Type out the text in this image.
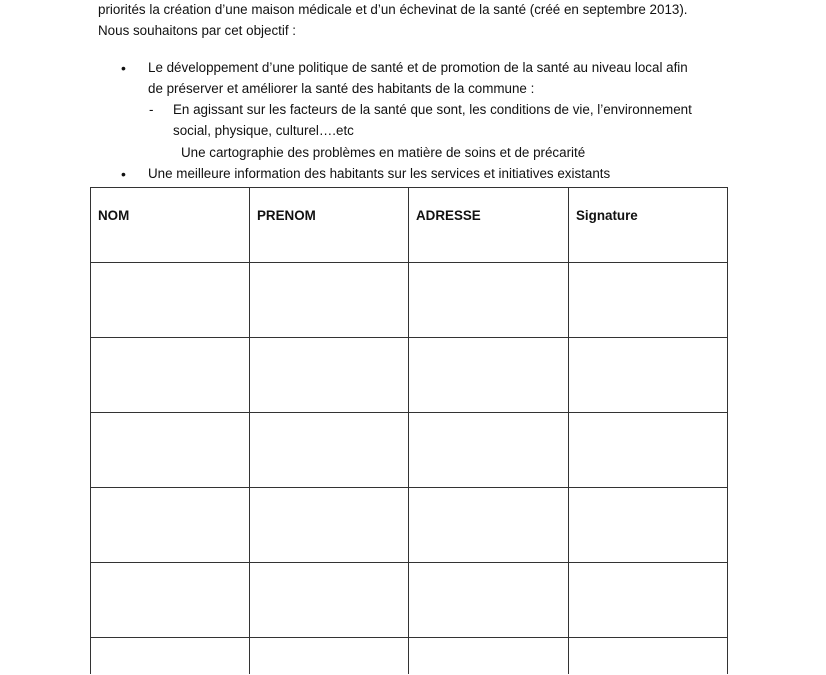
priorités la création d’une maison médicale et d’un échevinat de la santé (créé en septembre 2013).
Nous souhaitons par cet objectif :
• Le développement d’une politique de santé et de promotion de la santé au niveau local afin
de préserver et améliorer la santé des habitants de la commune :
- En agissant sur les facteurs de la santé que sont, les conditions de vie, l’environnement
social, physique, culturel….etc
Une cartographie des problèmes en matière de soins et de précarité
• Une meilleure information des habitants sur les services et initiatives existants
NOM	PRENOM	ADRESSE	Signature
